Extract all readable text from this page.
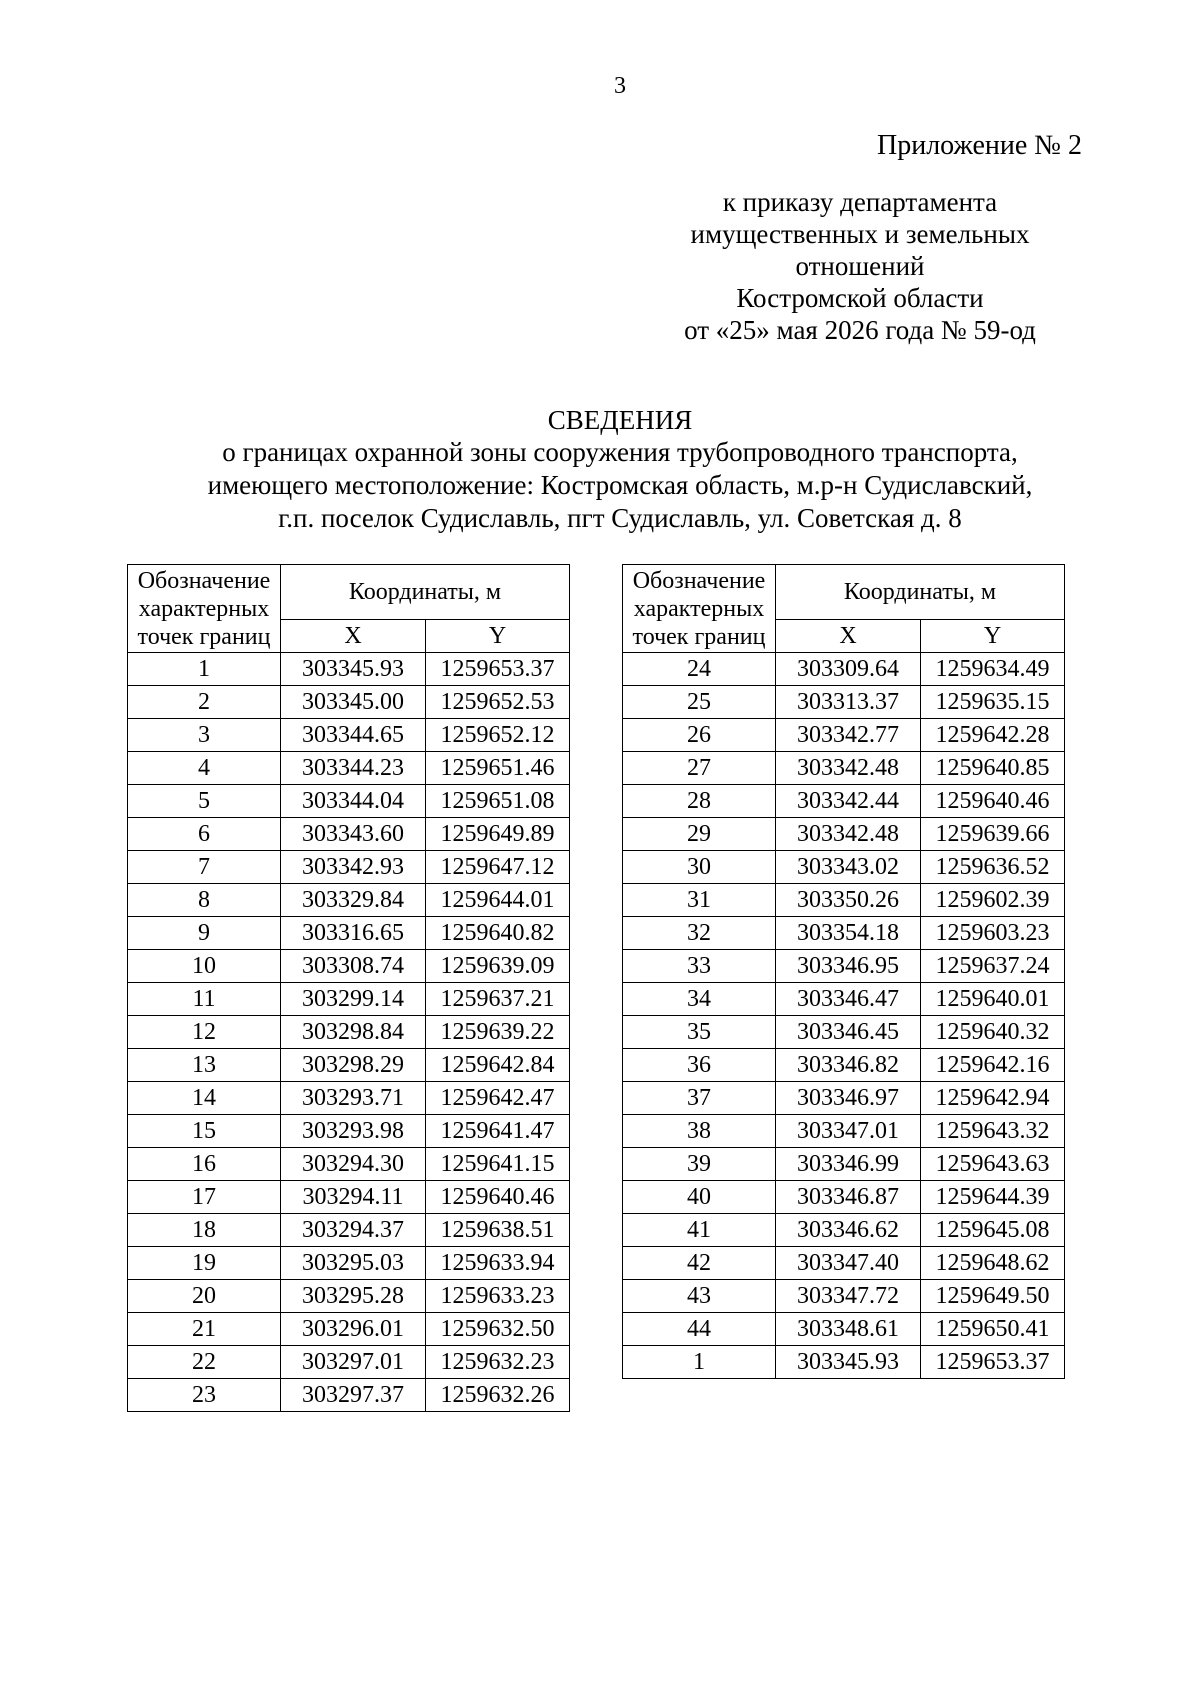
3
Приложение № 2
к приказу департамента
имущественных и земельных
отношений
Костромской области
от «25» мая 2026 года № 59-од
СВЕДЕНИЯ
о границах охранной зоны сооружения трубопроводного транспорта,
имеющего местоположение: Костромская область, м.р-н Судиславский,
г.п. поселок Судиславль, пгт Судиславль, ул. Советская д. 8
Обозначение характерных точек границ	Координаты, м	
	X	Y
1	303345.93	1259653.37
2	303345.00	1259652.53
3	303344.65	1259652.12
4	303344.23	1259651.46
5	303344.04	1259651.08
6	303343.60	1259649.89
7	303342.93	1259647.12
8	303329.84	1259644.01
9	303316.65	1259640.82
10	303308.74	1259639.09
11	303299.14	1259637.21
12	303298.84	1259639.22
13	303298.29	1259642.84
14	303293.71	1259642.47
15	303293.98	1259641.47
16	303294.30	1259641.15
17	303294.11	1259640.46
18	303294.37	1259638.51
19	303295.03	1259633.94
20	303295.28	1259633.23
21	303296.01	1259632.50
22	303297.01	1259632.23
23	303297.37	1259632.26
Обозначение характерных точек границ	Координаты, м	
	X	Y
24	303309.64	1259634.49
25	303313.37	1259635.15
26	303342.77	1259642.28
27	303342.48	1259640.85
28	303342.44	1259640.46
29	303342.48	1259639.66
30	303343.02	1259636.52
31	303350.26	1259602.39
32	303354.18	1259603.23
33	303346.95	1259637.24
34	303346.47	1259640.01
35	303346.45	1259640.32
36	303346.82	1259642.16
37	303346.97	1259642.94
38	303347.01	1259643.32
39	303346.99	1259643.63
40	303346.87	1259644.39
41	303346.62	1259645.08
42	303347.40	1259648.62
43	303347.72	1259649.50
44	303348.61	1259650.41
1	303345.93	1259653.37
